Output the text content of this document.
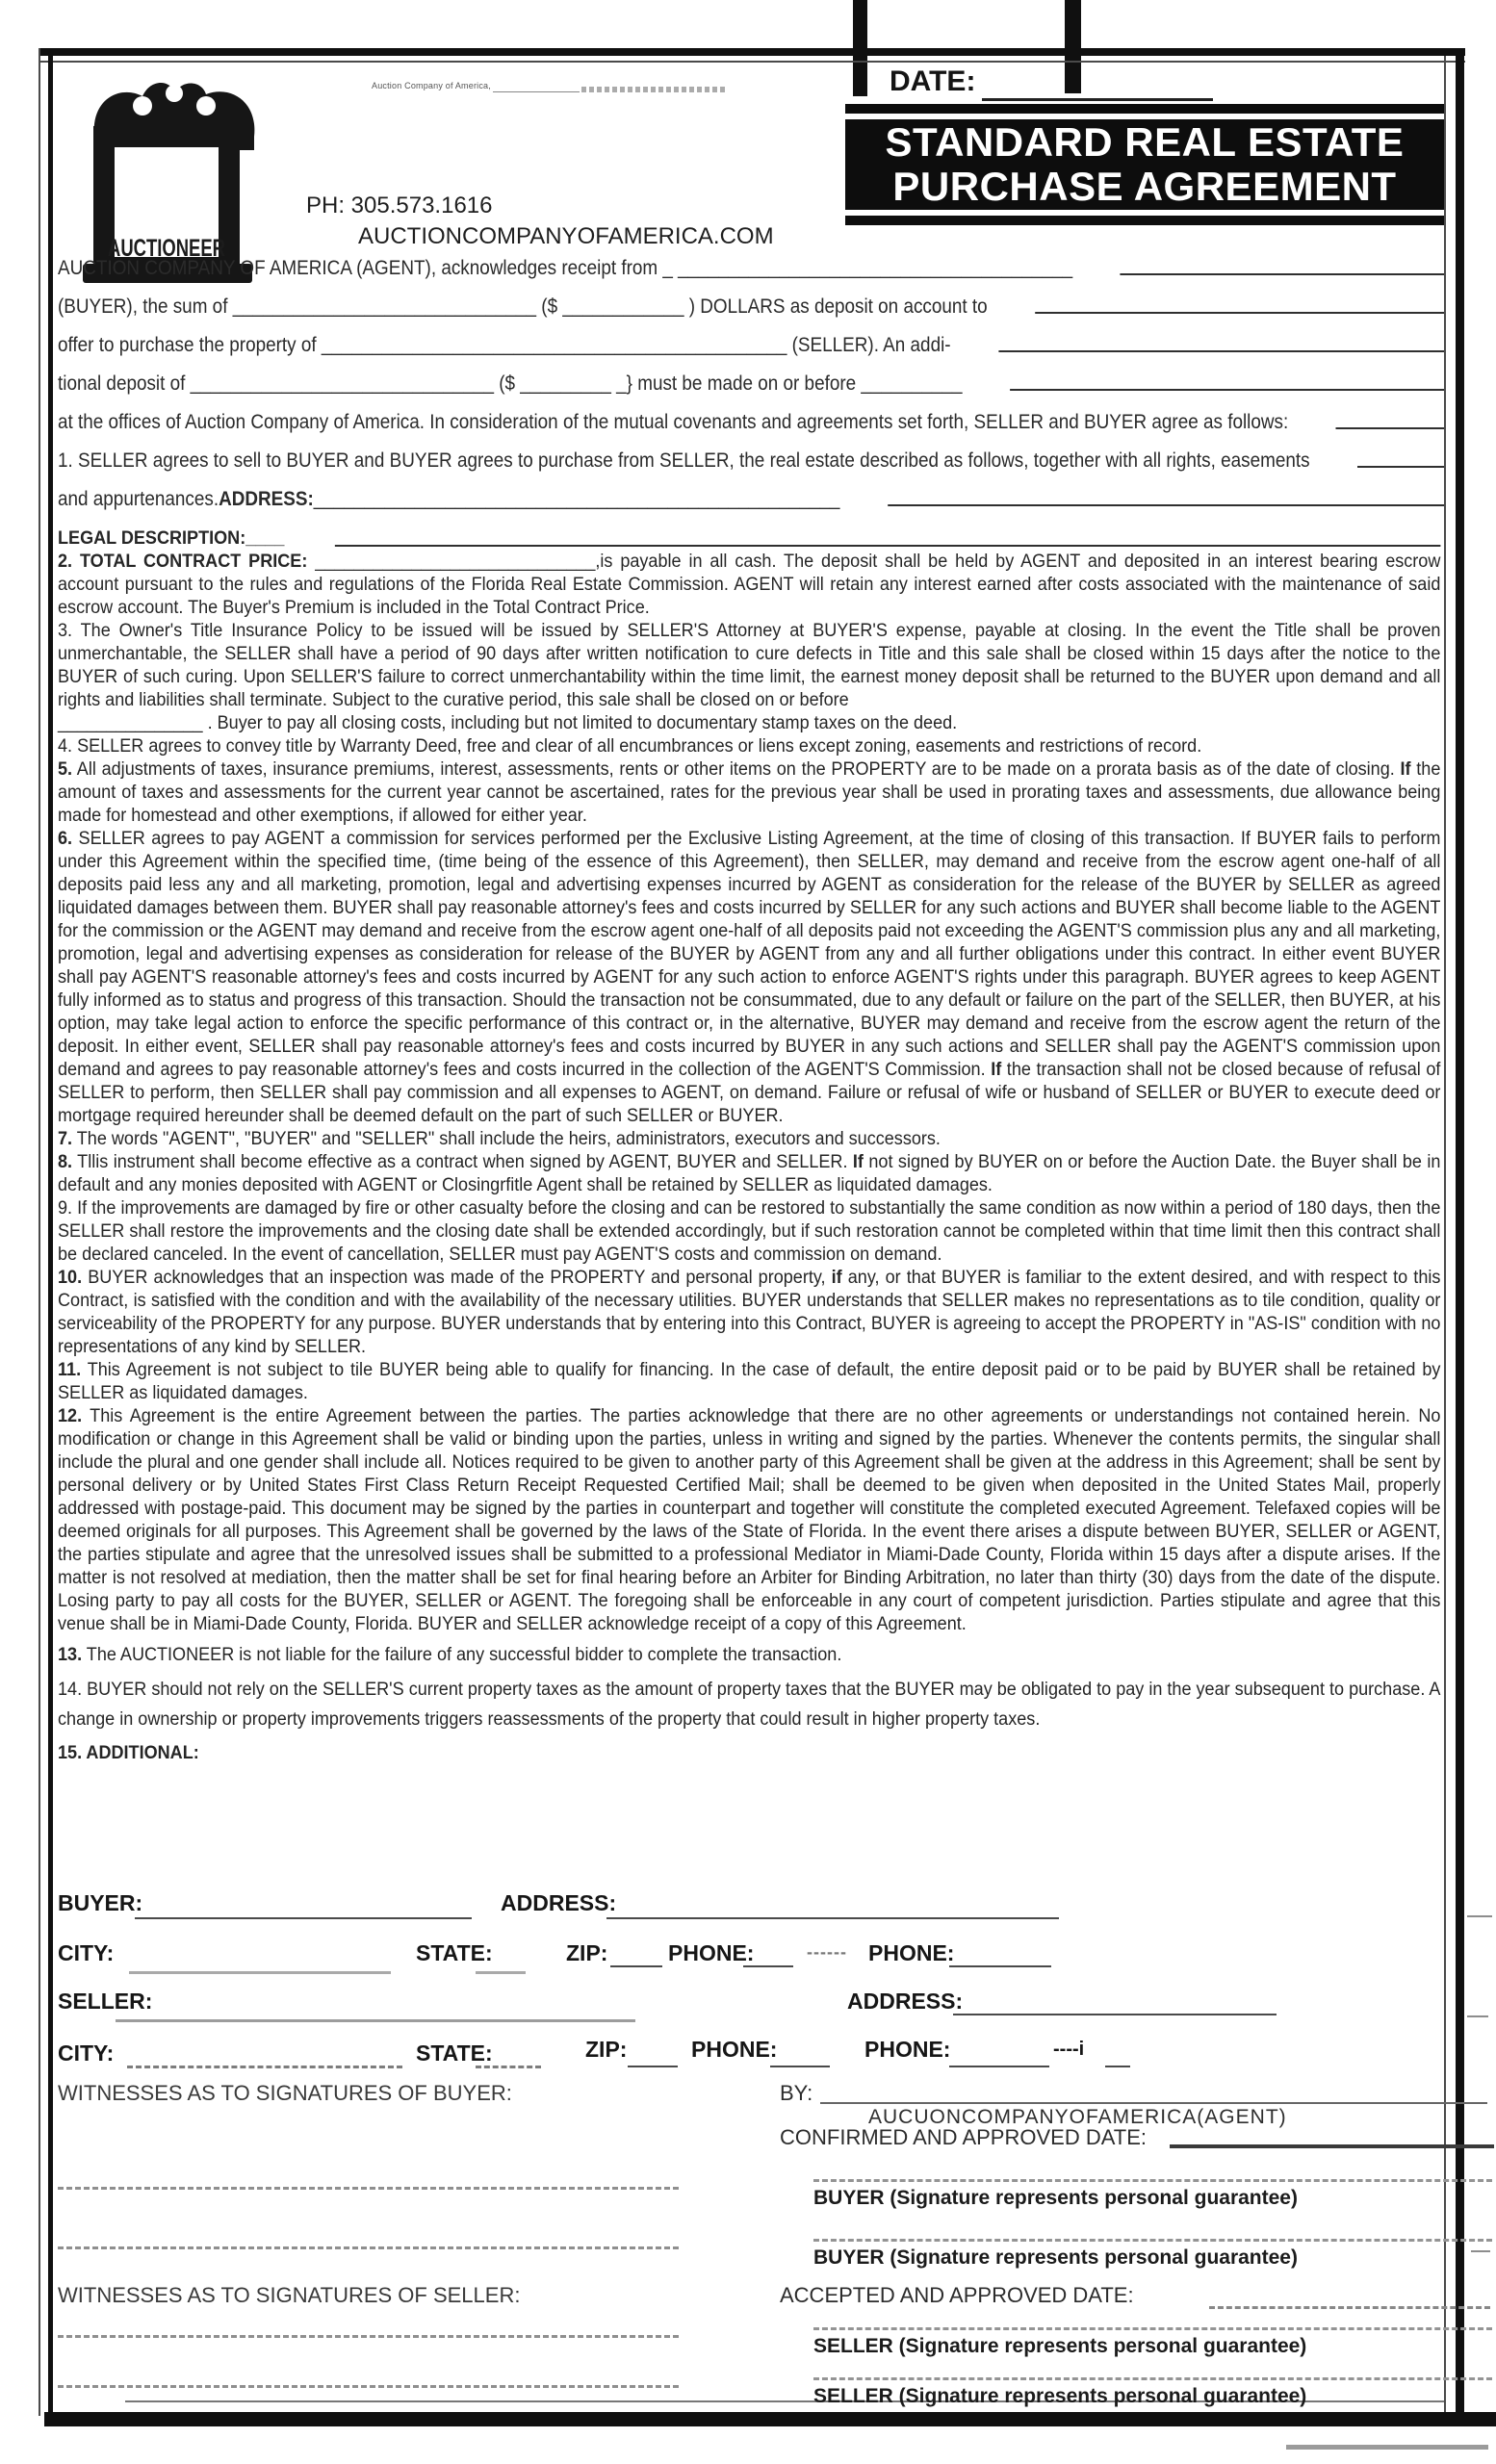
AUCTIONEER
Auction Company of America,
PH: 305.573.1616
AUCTIONCOMPANYOFAMERICA.COM
DATE:
STANDARD REAL ESTATE
PURCHASE AGREEMENT

AUCTION COMPANY OF AMERICA (AGENT), acknowledges receipt from _ _______________________________________

(BUYER), the sum of ______________________________ ($ ____________ ) DOLLARS as deposit on account to

offer to purchase the property of ______________________________________________ (SELLER). An addi-

tional deposit of ______________________________ ($ _________ _} must be made on or before __________

at the offices of Auction Company of America. In consideration of the mutual covenants and agreements set forth, SELLER and BUYER agree as follows:

1. SELLER agrees to sell to BUYER and BUYER agrees to purchase from SELLER, the real estate described as follows, together with all rights, easements

and appurtenances. ADDRESS: ____________________________________________________

LEGAL DESCRIPTION:____

2. TOTAL CONTRACT PRICE: _____________________________,is payable in all cash. The deposit shall be held by AGENT and deposited in an interest bearing escrow account pursuant to the rules and regulations of the Florida Real Estate Commission. AGENT will retain any interest earned after costs associated with the maintenance of said escrow account. The Buyer's Premium is included in the Total Contract Price.

3. The Owner's Title Insurance Policy to be issued will be issued by SELLER'S Attorney at BUYER'S expense, payable at closing. In the event the Title shall be proven unmerchantable, the SELLER shall have a period of 90 days after written notification to cure defects in Title and this sale shall be closed within 15 days after the notice to the BUYER of such curing. Upon SELLER'S failure to correct unmerchantability within the time limit, the earnest money deposit shall be returned to the BUYER upon demand and all rights and liabilities shall terminate. Subject to the curative period, this sale shall be closed on or before

_______________ . Buyer to pay all closing costs, including but not limited to documentary stamp taxes on the deed.

4. SELLER agrees to convey title by Warranty Deed, free and clear of all encumbrances or liens except zoning, easements and restrictions of record.

5. All adjustments of taxes, insurance premiums, interest, assessments, rents or other items on the PROPERTY are to be made on a prorata basis as of the date of closing. If the amount of taxes and assessments for the current year cannot be ascertained, rates for the previous year shall be used in prorating taxes and assessments, due allowance being made for homestead and other exemptions, if allowed for either year.

6. SELLER agrees to pay AGENT a commission for services performed per the Exclusive Listing Agreement, at the time of closing of this transaction. If BUYER fails to perform under this Agreement within the specified time, (time being of the essence of this Agreement), then SELLER, may demand and receive from the escrow agent one-half of all deposits paid less any and all marketing, promotion, legal and advertising expenses incurred by AGENT as consideration for the release of the BUYER by SELLER as agreed liquidated damages between them. BUYER shall pay reasonable attorney's fees and costs incurred by SELLER for any such actions and BUYER shall become liable to the AGENT for the commission or the AGENT may demand and receive from the escrow agent one-half of all deposits paid not exceeding the AGENT'S commission plus any and all marketing, promotion, legal and advertising expenses as consideration for release of the BUYER by AGENT from any and all further obligations under this contract. In either event BUYER shall pay AGENT'S reasonable attorney's fees and costs incurred by AGENT for any such action to enforce AGENT'S rights under this paragraph. BUYER agrees to keep AGENT fully informed as to status and progress of this transaction. Should the transaction not be consummated, due to any default or failure on the part of the SELLER, then BUYER, at his option, may take legal action to enforce the specific performance of this contract or, in the alternative, BUYER may demand and receive from the escrow agent the return of the deposit. In either event, SELLER shall pay reasonable attorney's fees and costs incurred by BUYER in any such actions and SELLER shall pay the AGENT'S commission upon demand and agrees to pay reasonable attorney's fees and costs incurred in the collection of the AGENT'S Commission. If the transaction shall not be closed because of refusal of SELLER to perform, then SELLER shall pay commission and all expenses to AGENT, on demand. Failure or refusal of wife or husband of SELLER or BUYER to execute deed or mortgage required hereunder shall be deemed default on the part of such SELLER or BUYER.

7. The words "AGENT", "BUYER" and "SELLER" shall include the heirs, administrators, executors and successors.

8. Tllis instrument shall become effective as a contract when signed by AGENT, BUYER and SELLER. If not signed by BUYER on or before the Auction Date. the Buyer shall be in default and any monies deposited with AGENT or Closingrfitle Agent shall be retained by SELLER as liquidated damages.

9. If the improvements are damaged by fire or other casualty before the closing and can be restored to substantially the same condition as now within a period of 180 days, then the SELLER shall restore the improvements and the closing date shall be extended accordingly, but if such restoration cannot be completed within that time limit then this contract shall be declared canceled. In the event of cancellation, SELLER must pay AGENT'S costs and commission on demand.

10. BUYER acknowledges that an inspection was made of the PROPERTY and personal property, if any, or that BUYER is familiar to the extent desired, and with respect to this Contract, is satisfied with the condition and with the availability of the necessary utilities. BUYER understands that SELLER makes no representations as to tile condition, quality or serviceability of the PROPERTY for any purpose. BUYER understands that by entering into this Contract, BUYER is agreeing to accept the PROPERTY in "AS-IS" condition with no representations of any kind by SELLER.

11. This Agreement is not subject to tile BUYER being able to qualify for financing. In the case of default, the entire deposit paid or to be paid by BUYER shall be retained by SELLER as liquidated damages.

12. This Agreement is the entire Agreement between the parties. The parties acknowledge that there are no other agreements or understandings not contained herein. No modification or change in this Agreement shall be valid or binding upon the parties, unless in writing and signed by the parties. Whenever the contents permits, the singular shall include the plural and one gender shall include all. Notices required to be given to another party of this Agreement shall be given at the address in this Agreement; shall be sent by personal delivery or by United States First Class Return Receipt Requested Certified Mail; shall be deemed to be given when deposited in the United States Mail, properly addressed with postage-paid. This document may be signed by the parties in counterpart and together will constitute the completed executed Agreement. Telefaxed copies will be deemed originals for all purposes. This Agreement shall be governed by the laws of the State of Florida. In the event there arises a dispute between BUYER, SELLER or AGENT, the parties stipulate and agree that the unresolved issues shall be submitted to a professional Mediator in Miami-Dade County, Florida within 15 days after a dispute arises. If the matter is not resolved at mediation, then the matter shall be set for final hearing before an Arbiter for Binding Arbitration, no later than thirty (30) days from the date of the dispute. Losing party to pay all costs for the BUYER, SELLER or AGENT. The foregoing shall be enforceable in any court of competent jurisdiction. Parties stipulate and agree that this venue shall be in Miami-Dade County, Florida. BUYER and SELLER acknowledge receipt of a copy of this Agreement.

13. The AUCTIONEER is not liable for the failure of any successful bidder to complete the transaction.

14. BUYER should not rely on the SELLER'S current property taxes as the amount of property taxes that the BUYER may be obligated to pay in the year subsequent to purchase. A change in ownership or property improvements triggers reassessments of the property that could result in higher property taxes.

15. ADDITIONAL:

BUYER:	ADDRESS:
CITY:	STATE:	ZIP:	PHONE:	------ PHONE:
SELLER:	ADDRESS:
CITY:	STATE:	ZIP:	PHONE:	PHONE:	----i
WITNESSES AS TO SIGNATURES OF BUYER:	BY:
AUCUONCOMPANYOFAMERICA(AGENT)
CONFIRMED AND APPROVED DATE:
BUYER (Signature represents personal guarantee)
BUYER (Signature represents personal guarantee)
WITNESSES AS TO SIGNATURES OF SELLER:	ACCEPTED AND APPROVED DATE:
SELLER (Signature represents personal guarantee)
SELLER (Signature represents personal guarantee)
